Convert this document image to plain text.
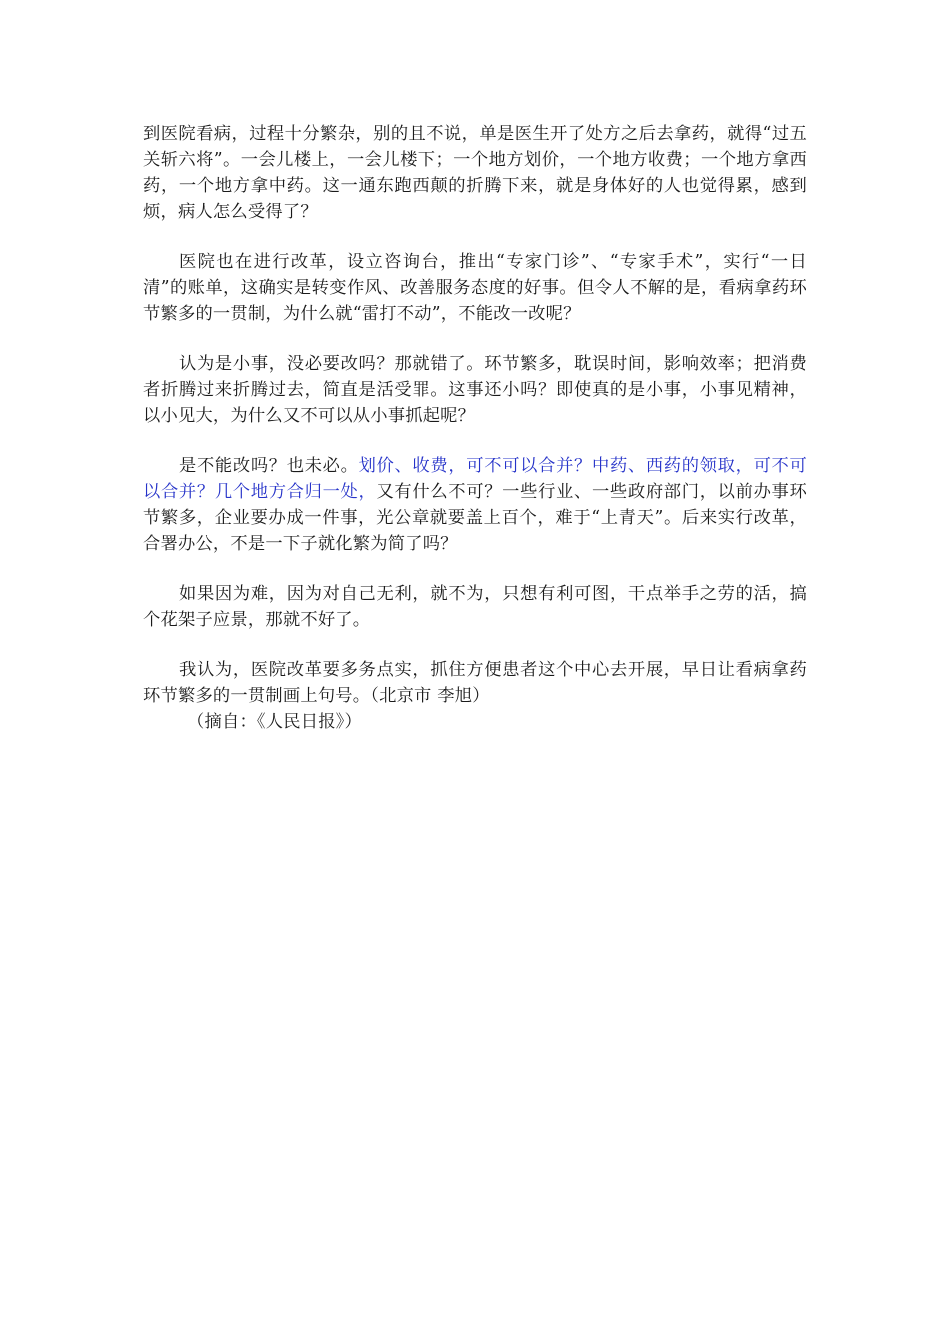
到医院看病，过程十分繁杂，别的且不说，单是医生开了处方之后去拿药，就得“过五关斩六将”。一会儿楼上，一会儿楼下；一个地方划价，一个地方收费；一个地方拿西药，一个地方拿中药。这一通东跑西颠的折腾下来，就是身体好的人也觉得累，感到烦，病人怎么受得了？

医院也在进行改革，设立咨询台，推出“专家门诊”、“专家手术”，实行“一日清”的账单，这确实是转变作风、改善服务态度的好事。但令人不解的是，看病拿药环节繁多的一贯制，为什么就“雷打不动”，不能改一改呢？

认为是小事，没必要改吗？那就错了。环节繁多，耽误时间，影响效率；把消费者折腾过来折腾过去，简直是活受罪。这事还小吗？即使真的是小事，小事见精神，以小见大，为什么又不可以从小事抓起呢？

是不能改吗？也未必。划价、收费，可不可以合并？中药、西药的领取，可不可以合并？几个地方合归一处，又有什么不可？一些行业、一些政府部门，以前办事环节繁多，企业要办成一件事，光公章就要盖上百个，难于“上青天”。后来实行改革，合署办公，不是一下子就化繁为简了吗？

如果因为难，因为对自己无利，就不为，只想有利可图，干点举手之劳的活，搞个花架子应景，那就不好了。

我认为，医院改革要多务点实，抓住方便患者这个中心去开展，早日让看病拿药环节繁多的一贯制画上句号。（北京市 李旭）

（摘自：《人民日报》）
